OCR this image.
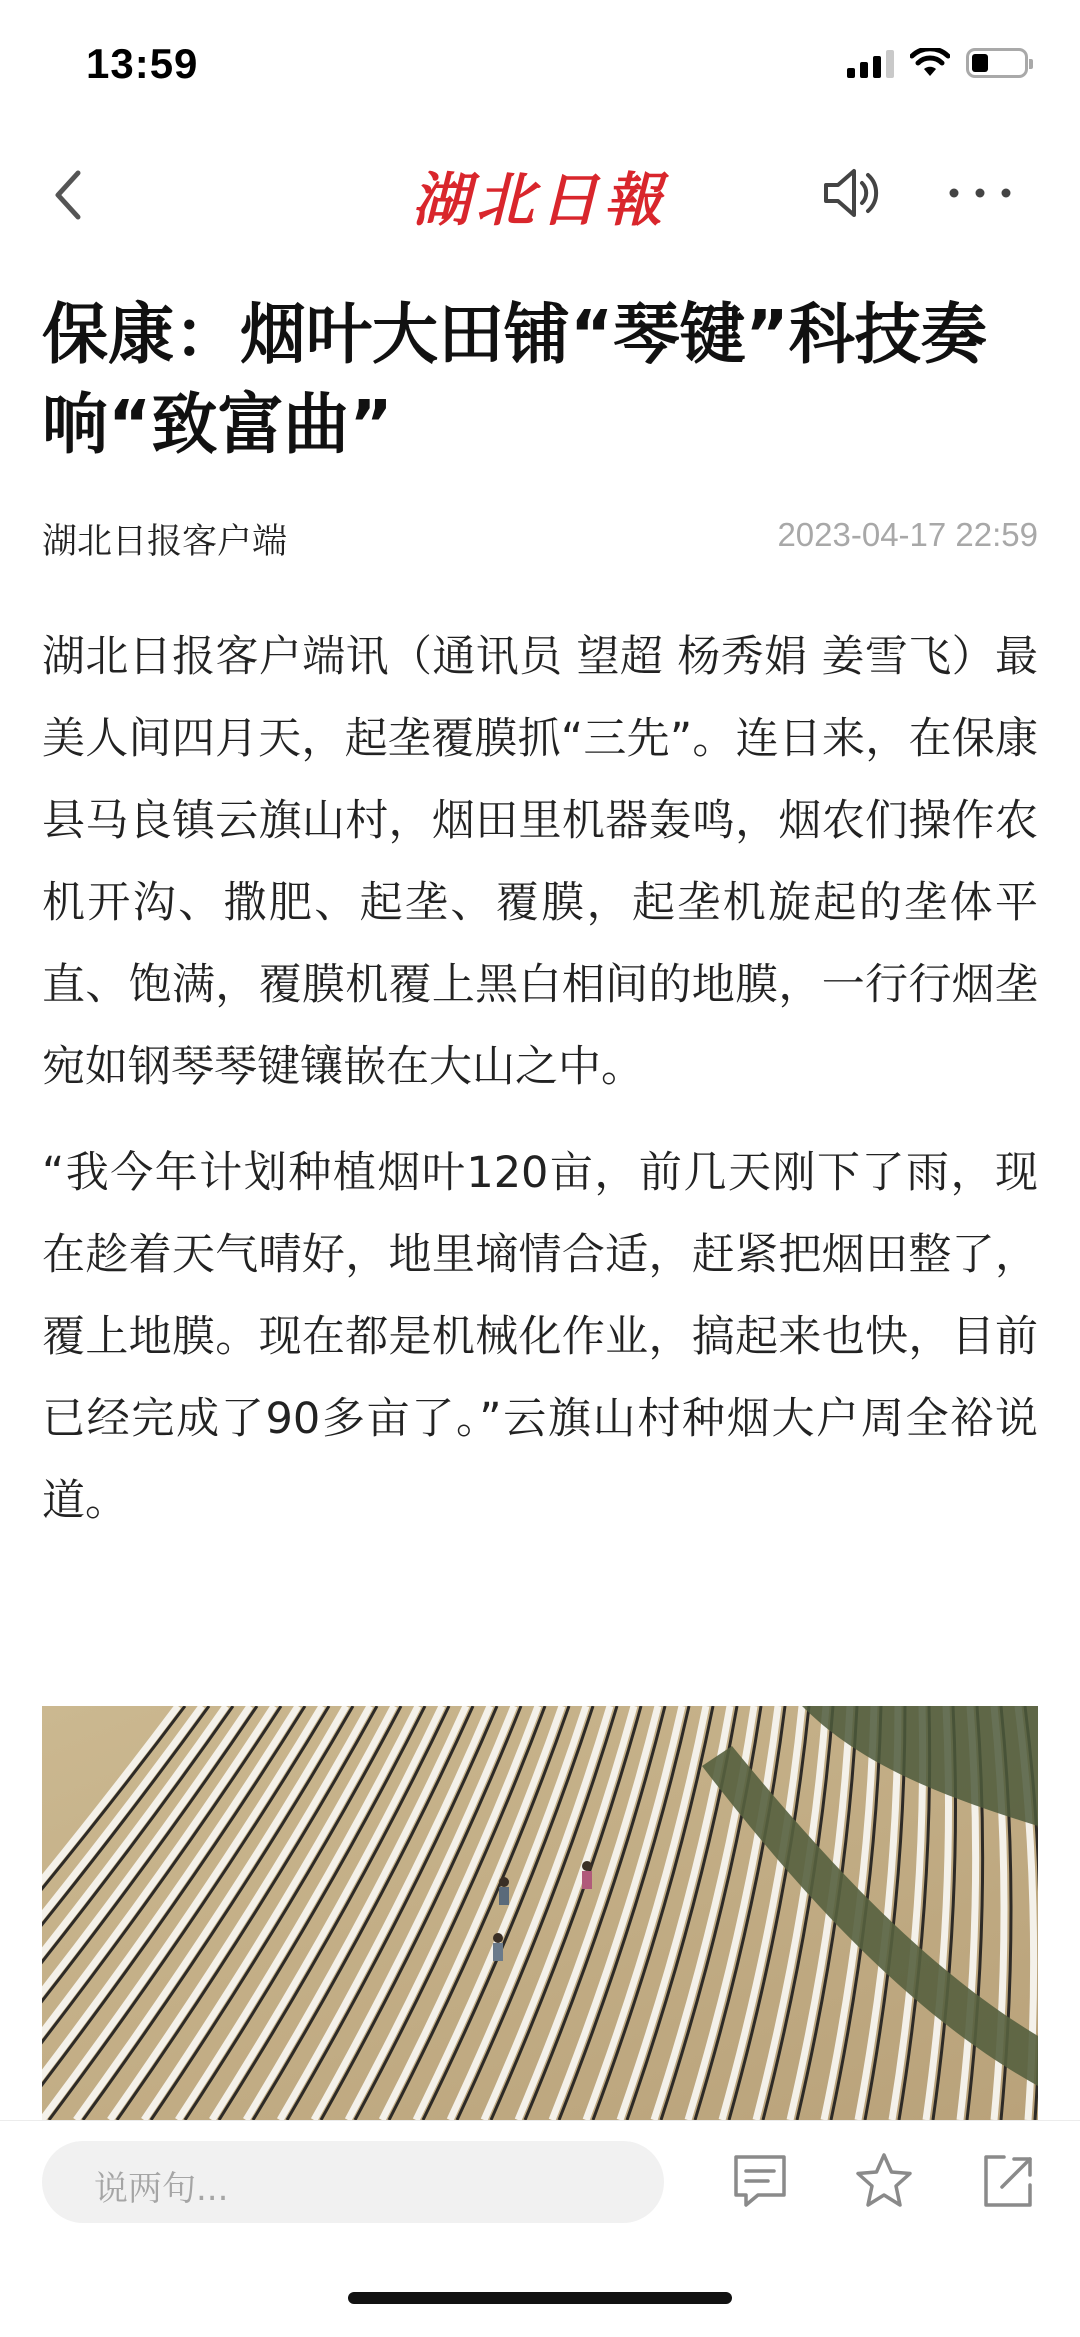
13:59
湖北日報
保康：烟叶大田铺“琴键”科技奏响“致富曲”
湖北日报客户端	2023-04-17 22:59

湖北日报客户端讯（通讯员 望超 杨秀娟 姜雪飞）最美人间四月天，起垄覆膜抓“三先”。连日来，在保康县马良镇云旗山村，烟田里机器轰鸣，烟农们操作农机开沟、撒肥、起垄、覆膜，起垄机旋起的垄体平直、饱满，覆膜机覆上黑白相间的地膜，一行行烟垄宛如钢琴琴键镶嵌在大山之中。

“我今年计划种植烟叶120亩，前几天刚下了雨，现在趁着天气晴好，地里墒情合适，赶紧把烟田整了，覆上地膜。现在都是机械化作业，搞起来也快，目前已经完成了90多亩了。”云旗山村种烟大户周全裕说道。

说两句...
